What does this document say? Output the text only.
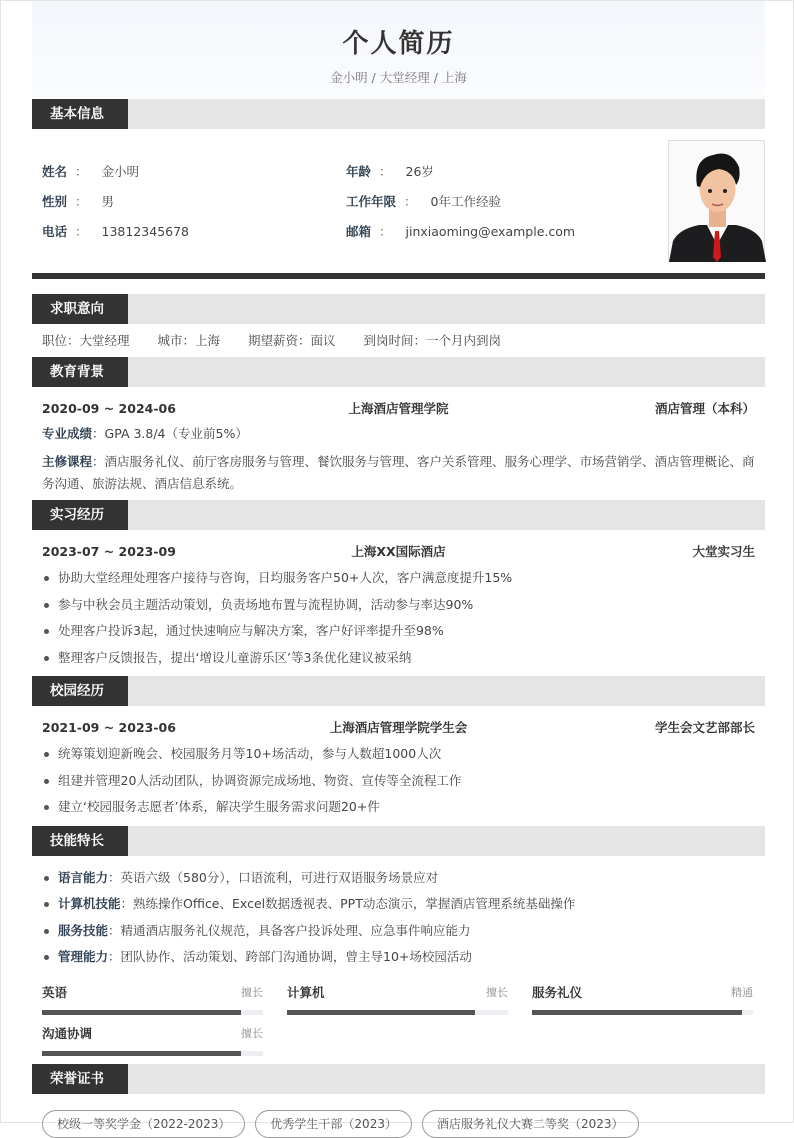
个人简历
金小明 / 大堂经理 / 上海
基本信息
姓名 ： 金小明
性别 ： 男
电话 ： 13812345678
年龄 ： 26岁
工作年限 ： 0年工作经验
邮箱 ： jinxiaoming@example.com
求职意向
职位：大堂经理 城市：上海 期望薪资：面议 到岗时间：一个月内到岗
教育背景
2020-09 ~ 2024-06	上海酒店管理学院	酒店管理（本科）
专业成绩：GPA 3.8/4（专业前5%）
主修课程：酒店服务礼仪、前厅客房服务与管理、餐饮服务与管理、客户关系管理、服务心理学、市场营销学、酒店管理概论、商务沟通、旅游法规、酒店信息系统。
实习经历
2023-07 ~ 2023-09	上海XX国际酒店	大堂实习生
协助大堂经理处理客户接待与咨询，日均服务客户50+人次，客户满意度提升15%
参与中秋会员主题活动策划，负责场地布置与流程协调，活动参与率达90%
处理客户投诉3起，通过快速响应与解决方案，客户好评率提升至98%
整理客户反馈报告，提出‘增设儿童游乐区’等3条优化建议被采纳
校园经历
2021-09 ~ 2023-06	上海酒店管理学院学生会	学生会文艺部部长
统筹策划迎新晚会、校园服务月等10+场活动，参与人数超1000人次
组建并管理20人活动团队，协调资源完成场地、物资、宣传等全流程工作
建立‘校园服务志愿者’体系，解决学生服务需求问题20+件
技能特长
语言能力：英语六级（580分），口语流利，可进行双语服务场景应对
计算机技能：熟练操作Office、Excel数据透视表、PPT动态演示，掌握酒店管理系统基础操作
服务技能：精通酒店服务礼仪规范，具备客户投诉处理、应急事件响应能力
管理能力：团队协作、活动策划、跨部门沟通协调，曾主导10+场校园活动
英语	擅长 计算机	擅长 服务礼仪	精通
沟通协调	擅长
荣誉证书
校级一等奖学金（2022-2023）	优秀学生干部（2023）	酒店服务礼仪大赛二等奖（2023）
